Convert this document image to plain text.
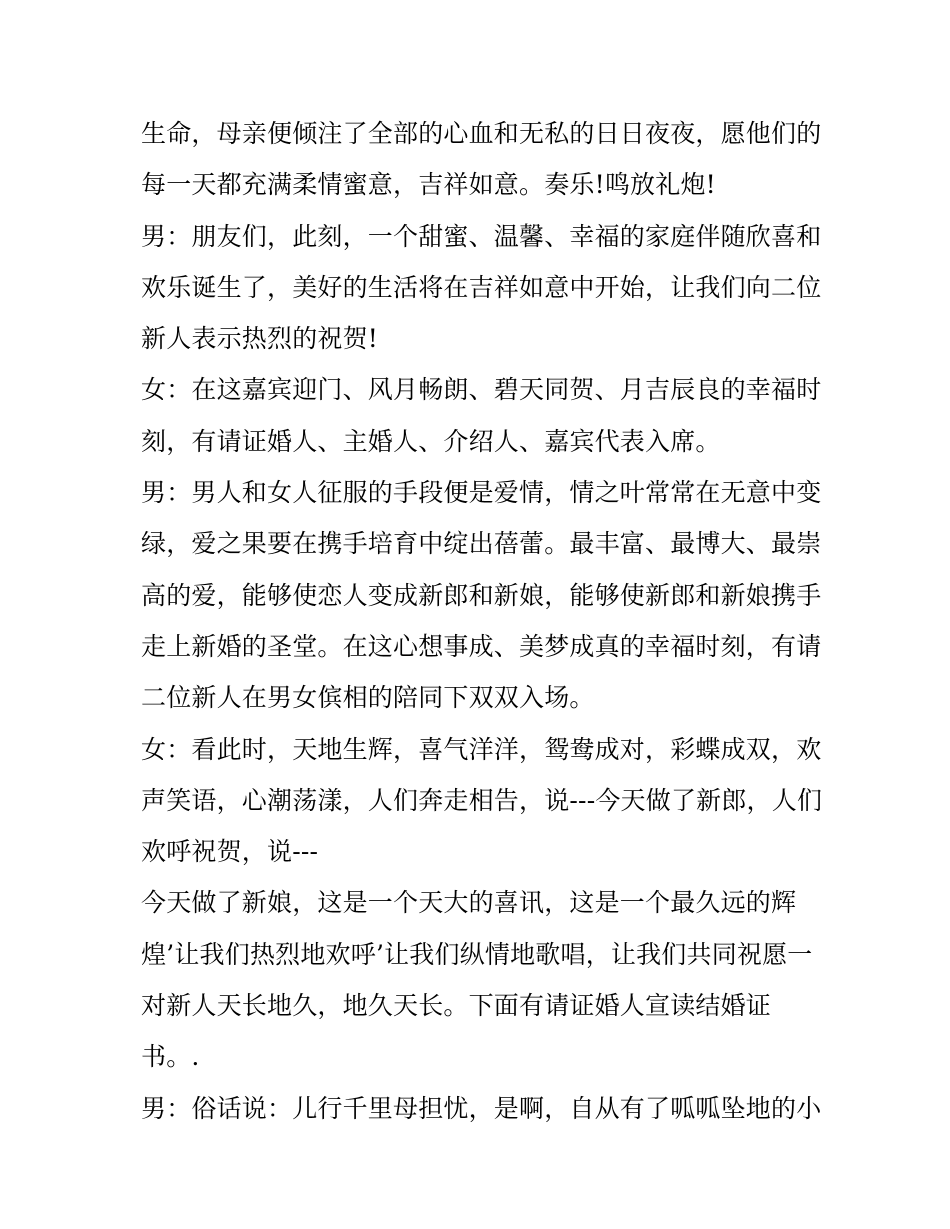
生命，母亲便倾注了全部的心血和无私的日日夜夜，愿他们的
每一天都充满柔情蜜意，吉祥如意。奏乐!鸣放礼炮!
男：朋友们，此刻，一个甜蜜、温馨、幸福的家庭伴随欣喜和
欢乐诞生了，美好的生活将在吉祥如意中开始，让我们向二位
新人表示热烈的祝贺!
女：在这嘉宾迎门、风月畅朗、碧天同贺、月吉辰良的幸福时
刻，有请证婚人、主婚人、介绍人、嘉宾代表入席。
男：男人和女人征服的手段便是爱情，情之叶常常在无意中变
绿，爱之果要在携手培育中绽出蓓蕾。最丰富、最博大、最崇
高的爱，能够使恋人变成新郎和新娘，能够使新郎和新娘携手
走上新婚的圣堂。在这心想事成、美梦成真的幸福时刻，有请
二位新人在男女傧相的陪同下双双入场。
女：看此时，天地生辉，喜气洋洋，鸳鸯成对，彩蝶成双，欢
声笑语，心潮荡漾，人们奔走相告，说---今天做了新郎，人们
欢呼祝贺，说---
今天做了新娘，这是一个天大的喜讯，这是一个最久远的辉
煌’让我们热烈地欢呼’让我们纵情地歌唱，让我们共同祝愿一
对新人天长地久，地久天长。下面有请证婚人宣读结婚证
书。.
男：俗话说：儿行千里母担忧，是啊，自从有了呱呱坠地的小
